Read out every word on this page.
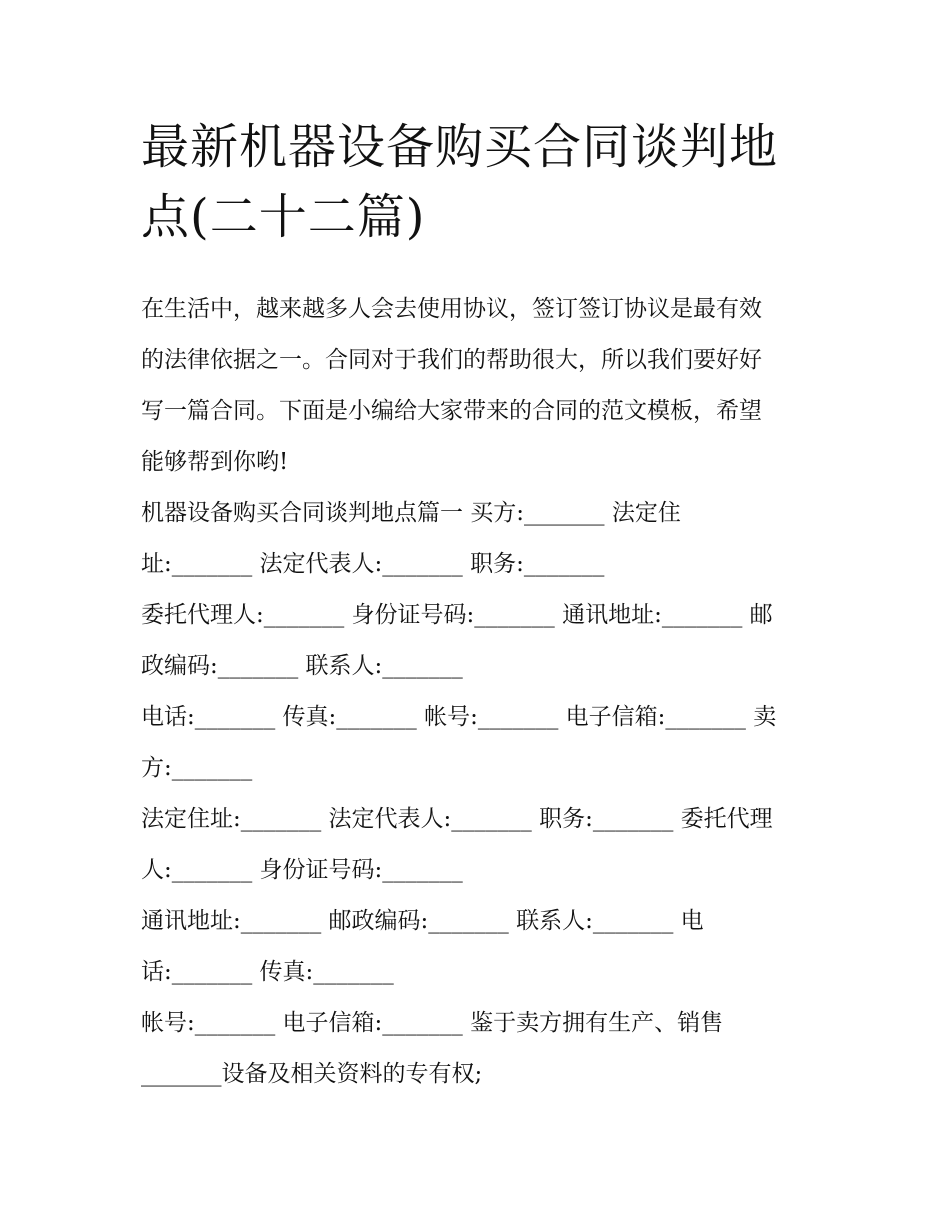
最新机器设备购买合同谈判地
点(二十二篇)
在生活中，越来越多人会去使用协议，签订签订协议是最有效
的法律依据之一。合同对于我们的帮助很大，所以我们要好好
写一篇合同。下面是小编给大家带来的合同的范文模板，希望
能够帮到你哟!
机器设备购买合同谈判地点篇一 买方:_______ 法定住
址:_______ 法定代表人:_______ 职务:_______
委托代理人:_______ 身份证号码:_______ 通讯地址:_______ 邮
政编码:_______ 联系人:_______
电话:_______ 传真:_______ 帐号:_______ 电子信箱:_______ 卖
方:_______
法定住址:_______ 法定代表人:_______ 职务:_______ 委托代理
人:_______ 身份证号码:_______
通讯地址:_______ 邮政编码:_______ 联系人:_______ 电
话:_______ 传真:_______
帐号:_______ 电子信箱:_______ 鉴于卖方拥有生产、销售
_______设备及相关资料的专有权;
